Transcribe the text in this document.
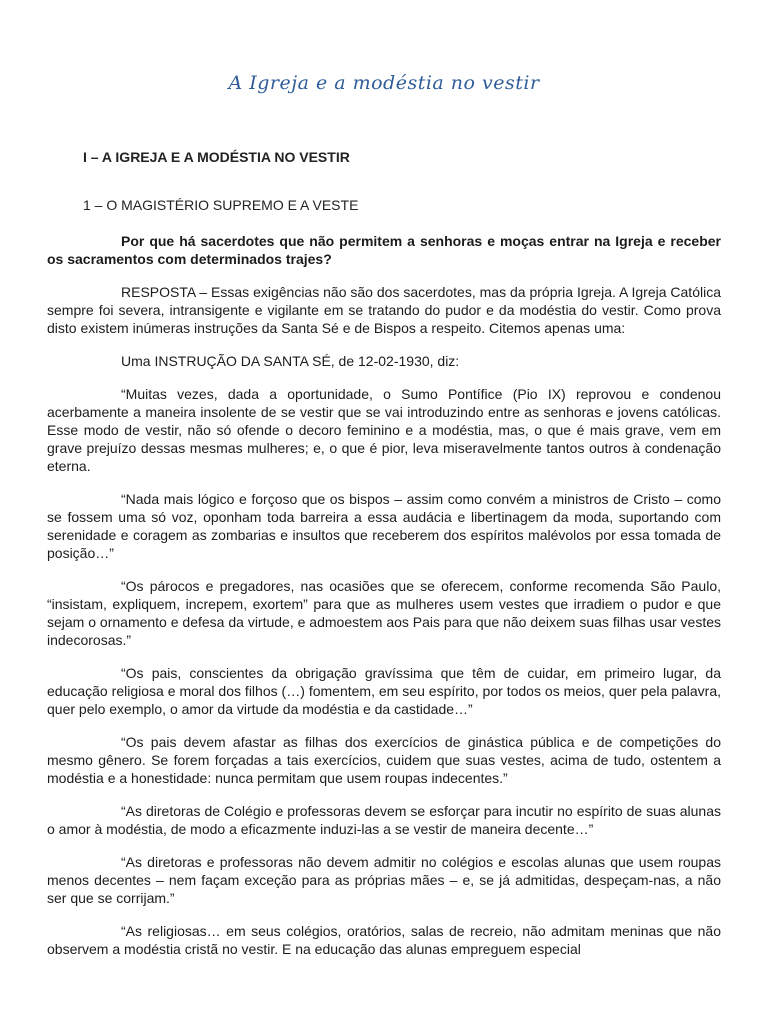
A Igreja e a modéstia no vestir
I – A IGREJA E A MODÉSTIA NO VESTIR
1 – O MAGISTÉRIO SUPREMO E A VESTE

Por que há sacerdotes que não permitem a senhoras e moças entrar na Igreja e receber os sacramentos com determinados trajes?

RESPOSTA – Essas exigências não são dos sacerdotes, mas da própria Igreja. A Igreja Católica sempre foi severa, intransigente e vigilante em se tratando do pudor e da modéstia do vestir. Como prova disto existem inúmeras instruções da Santa Sé e de Bispos a respeito. Citemos apenas uma:

Uma INSTRUÇÃO DA SANTA SÉ, de 12-02-1930, diz:

“Muitas vezes, dada a oportunidade, o Sumo Pontífice (Pio IX) reprovou e condenou acerbamente a maneira insolente de se vestir que se vai introduzindo entre as senhoras e jovens católicas. Esse modo de vestir, não só ofende o decoro feminino e a modéstia, mas, o que é mais grave, vem em grave prejuízo dessas mesmas mulheres; e, o que é pior, leva miseravelmente tantos outros à condenação eterna.

“Nada mais lógico e forçoso que os bispos – assim como convém a ministros de Cristo – como se fossem uma só voz, oponham toda barreira a essa audácia e libertinagem da moda, suportando com serenidade e coragem as zombarias e insultos que receberem dos espíritos malévolos por essa tomada de posição…”

“Os párocos e pregadores, nas ocasiões que se oferecem, conforme recomenda São Paulo, “insistam, expliquem, increpem, exortem” para que as mulheres usem vestes que irradiem o pudor e que sejam o ornamento e defesa da virtude, e admoestem aos Pais para que não deixem suas filhas usar vestes indecorosas.”

“Os pais, conscientes da obrigação gravíssima que têm de cuidar, em primeiro lugar, da educação religiosa e moral dos filhos (…) fomentem, em seu espírito, por todos os meios, quer pela palavra, quer pelo exemplo, o amor da virtude da modéstia e da castidade…”

“Os pais devem afastar as filhas dos exercícios de ginástica pública e de competições do mesmo gênero. Se forem forçadas a tais exercícios, cuidem que suas vestes, acima de tudo, ostentem a modéstia e a honestidade: nunca permitam que usem roupas indecentes.”

“As diretoras de Colégio e professoras devem se esforçar para incutir no espírito de suas alunas o amor à modéstia, de modo a eficazmente induzi-las a se vestir de maneira decente…”

“As diretoras e professoras não devem admitir no colégios e escolas alunas que usem roupas menos decentes – nem façam exceção para as próprias mães – e, se já admitidas, despeçam-nas, a não ser que se corrijam.”

“As religiosas… em seus colégios, oratórios, salas de recreio, não admitam meninas que não observem a modéstia cristã no vestir. E na educação das alunas empreguem especial
